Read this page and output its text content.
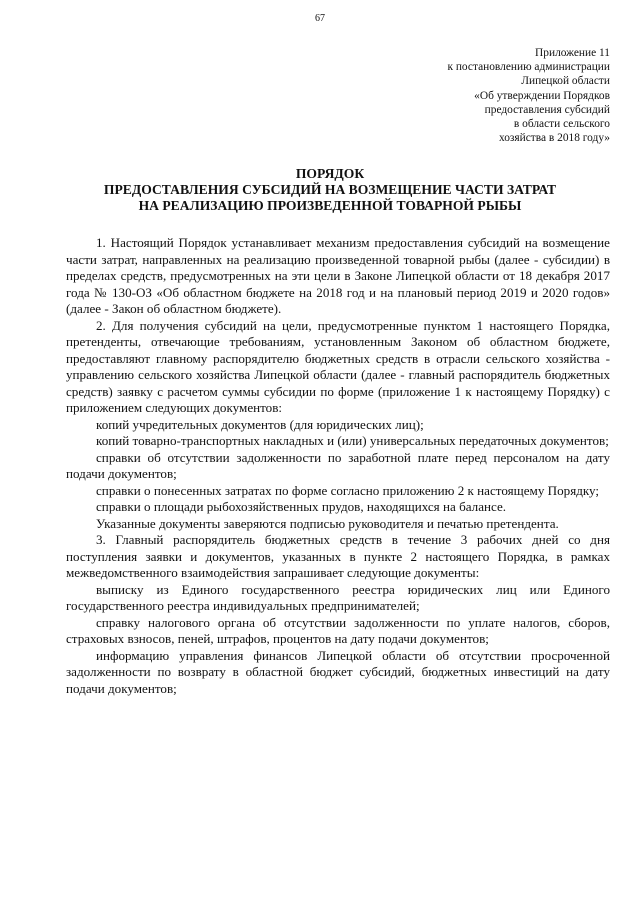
67
Приложение 11
к постановлению администрации
Липецкой области
«Об утверждении Порядков
предоставления субсидий
в области сельского
хозяйства в 2018 году»
ПОРЯДОК
ПРЕДОСТАВЛЕНИЯ СУБСИДИЙ НА ВОЗМЕЩЕНИЕ ЧАСТИ ЗАТРАТ
НА РЕАЛИЗАЦИЮ ПРОИЗВЕДЕННОЙ ТОВАРНОЙ РЫБЫ

1. Настоящий Порядок устанавливает механизм предоставления субсидий на возмещение части затрат, направленных на реализацию произведенной товарной рыбы (далее - субсидии) в пределах средств, предусмотренных на эти цели в Законе Липецкой области от 18 декабря 2017 года № 130-ОЗ «Об областном бюджете на 2018 год и на плановый период 2019 и 2020 годов» (далее - Закон об областном бюджете).

2. Для получения субсидий на цели, предусмотренные пунктом 1 настоящего Порядка, претенденты, отвечающие требованиям, установленным Законом об областном бюджете, предоставляют главному распорядителю бюджетных средств в отрасли сельского хозяйства - управлению сельского хозяйства Липецкой области (далее - главный распорядитель бюджетных средств) заявку с расчетом суммы субсидии по форме (приложение 1 к настоящему Порядку) с приложением следующих документов:

копий учредительных документов (для юридических лиц);

копий товарно-транспортных накладных и (или) универсальных передаточных документов;

справки об отсутствии задолженности по заработной плате перед персоналом на дату подачи документов;

справки о понесенных затратах по форме согласно приложению 2 к настоящему Порядку;

справки о площади рыбохозяйственных прудов, находящихся на балансе.

Указанные документы заверяются подписью руководителя и печатью претендента.

3. Главный распорядитель бюджетных средств в течение 3 рабочих дней со дня поступления заявки и документов, указанных в пункте 2 настоящего Порядка, в рамках межведомственного взаимодействия запрашивает следующие документы:

выписку из Единого государственного реестра юридических лиц или Единого государственного реестра индивидуальных предпринимателей;

справку налогового органа об отсутствии задолженности по уплате налогов, сборов, страховых взносов, пеней, штрафов, процентов на дату подачи документов;

информацию управления финансов Липецкой области об отсутствии просроченной задолженности по возврату в областной бюджет субсидий, бюджетных инвестиций на дату подачи документов;
